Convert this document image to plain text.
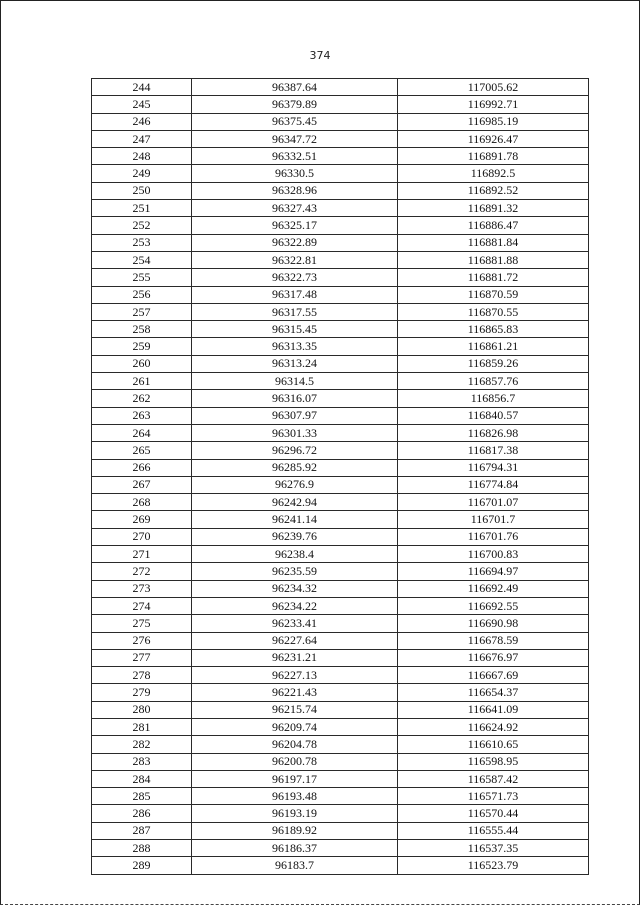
374
244	96387.64	117005.62
245	96379.89	116992.71
246	96375.45	116985.19
247	96347.72	116926.47
248	96332.51	116891.78
249	96330.5	116892.5
250	96328.96	116892.52
251	96327.43	116891.32
252	96325.17	116886.47
253	96322.89	116881.84
254	96322.81	116881.88
255	96322.73	116881.72
256	96317.48	116870.59
257	96317.55	116870.55
258	96315.45	116865.83
259	96313.35	116861.21
260	96313.24	116859.26
261	96314.5	116857.76
262	96316.07	116856.7
263	96307.97	116840.57
264	96301.33	116826.98
265	96296.72	116817.38
266	96285.92	116794.31
267	96276.9	116774.84
268	96242.94	116701.07
269	96241.14	116701.7
270	96239.76	116701.76
271	96238.4	116700.83
272	96235.59	116694.97
273	96234.32	116692.49
274	96234.22	116692.55
275	96233.41	116690.98
276	96227.64	116678.59
277	96231.21	116676.97
278	96227.13	116667.69
279	96221.43	116654.37
280	96215.74	116641.09
281	96209.74	116624.92
282	96204.78	116610.65
283	96200.78	116598.95
284	96197.17	116587.42
285	96193.48	116571.73
286	96193.19	116570.44
287	96189.92	116555.44
288	96186.37	116537.35
289	96183.7	116523.79
